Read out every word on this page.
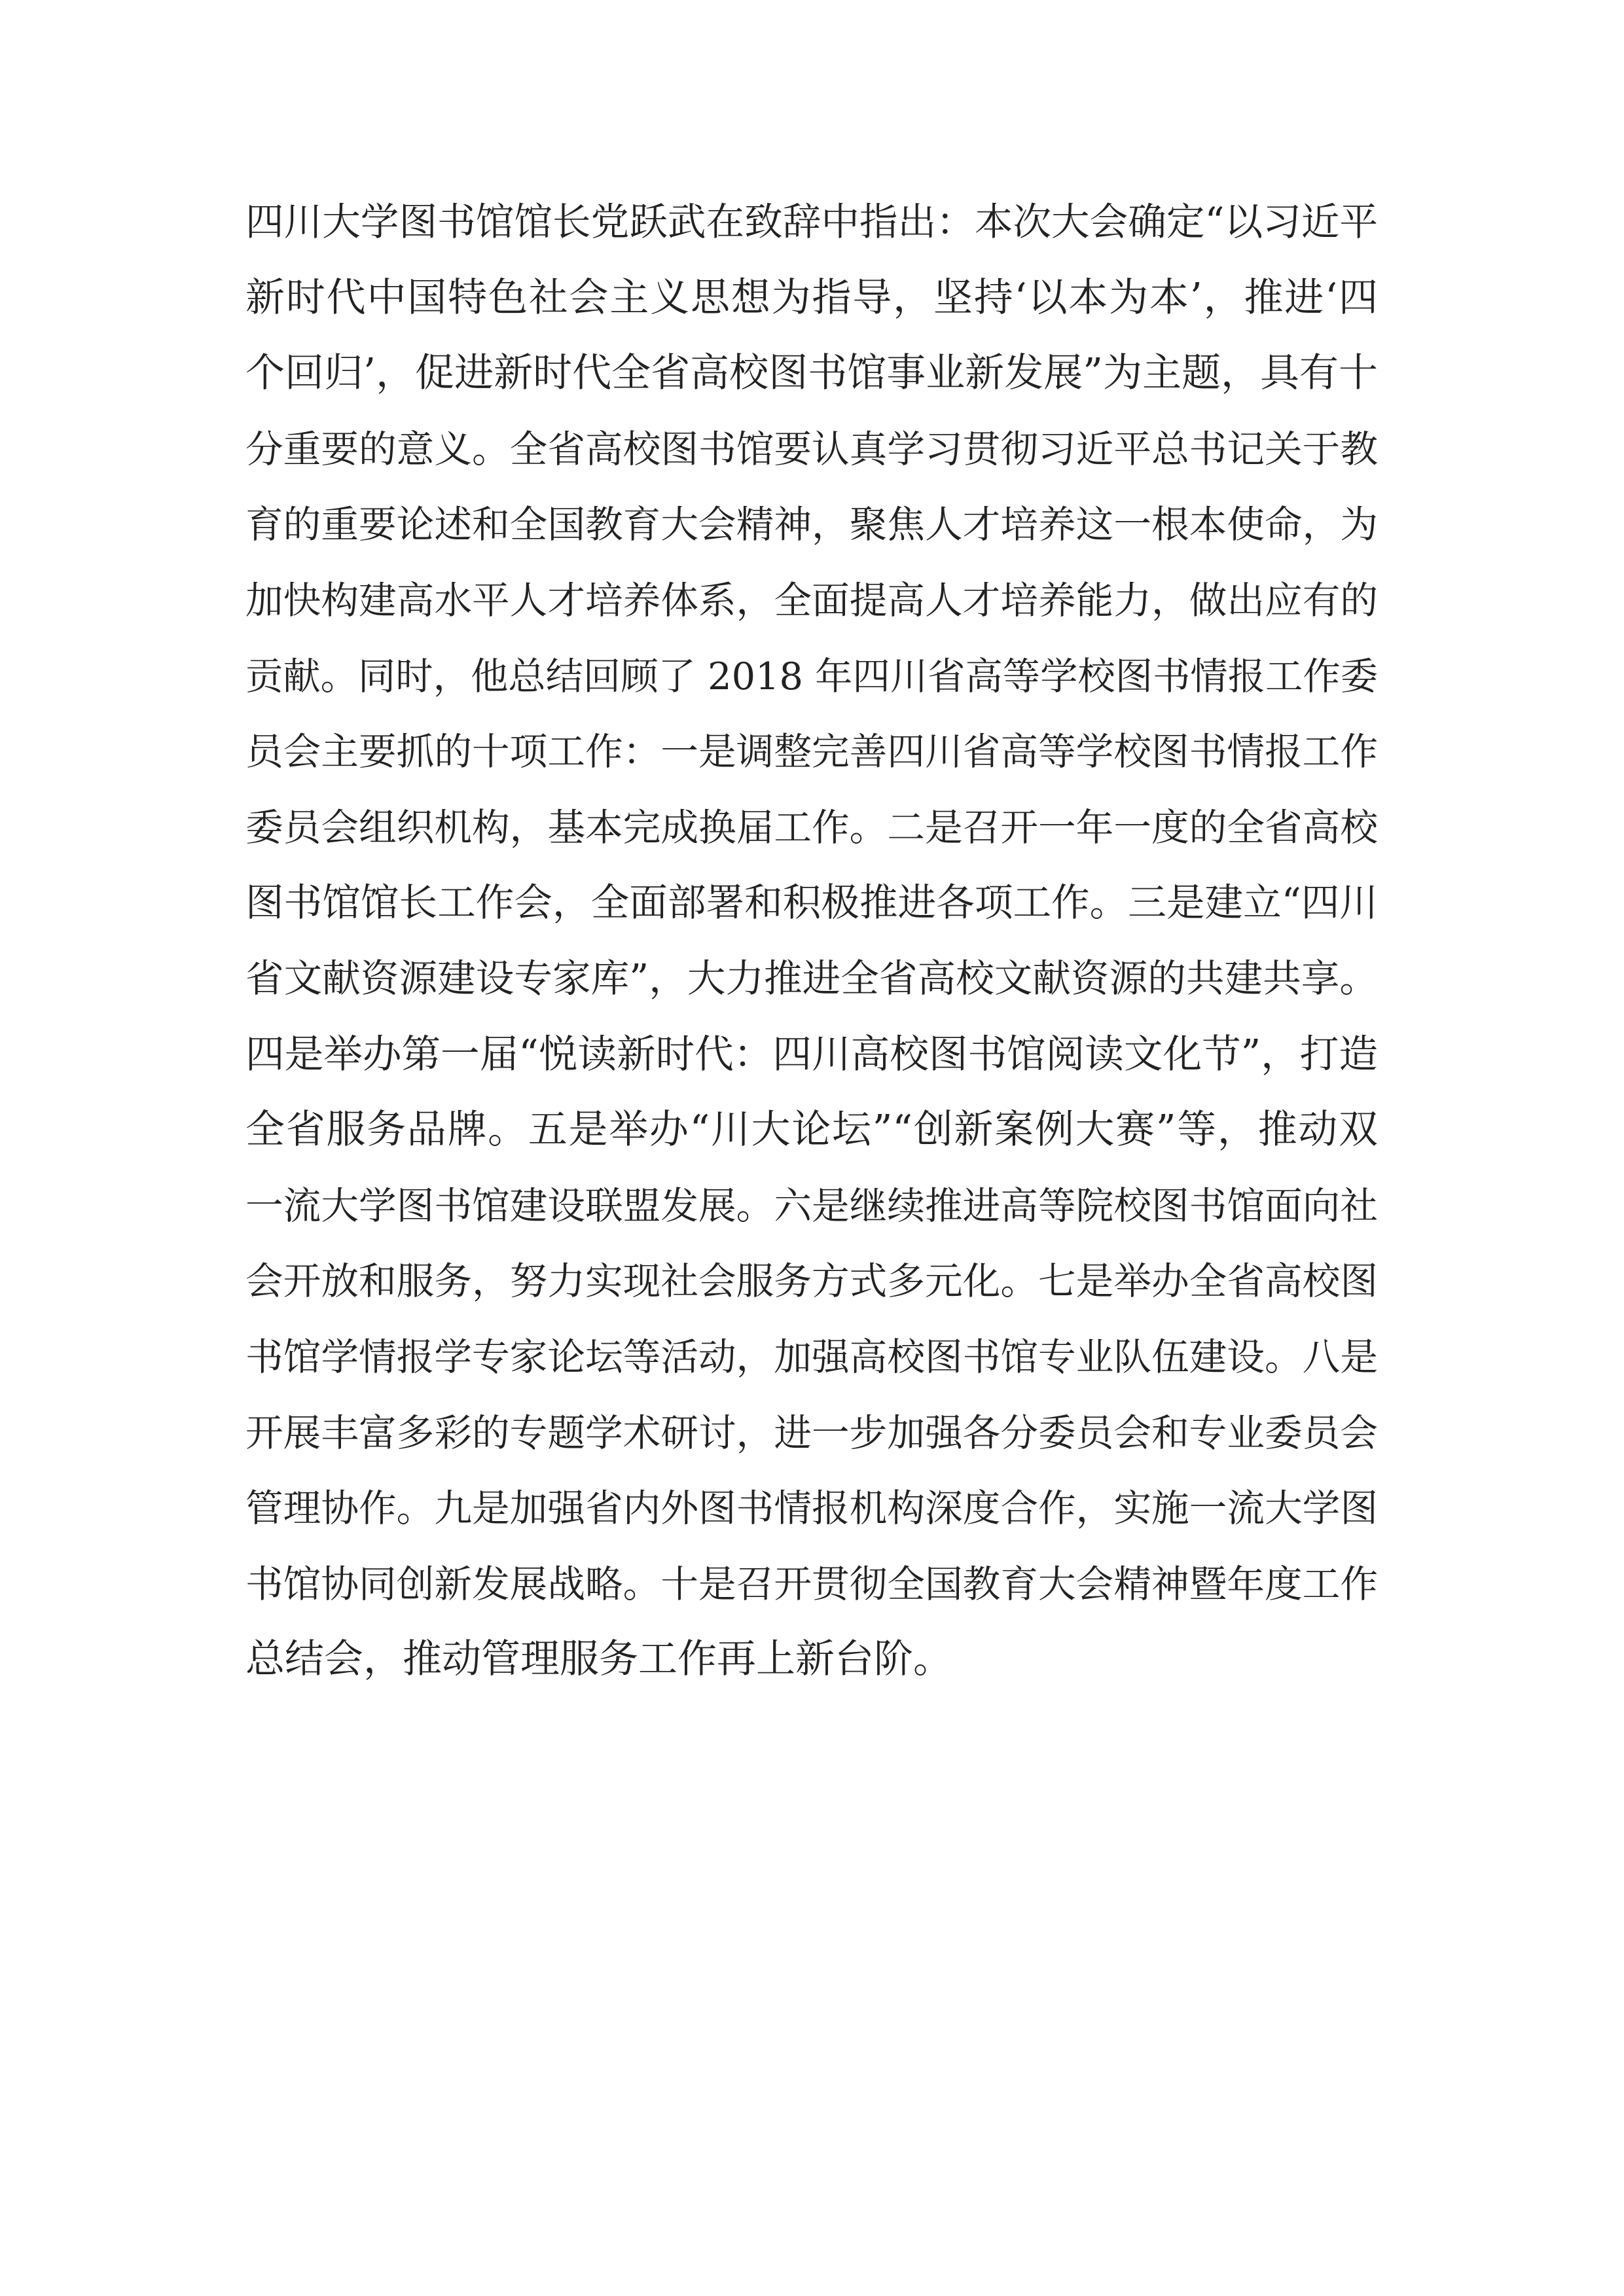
四川大学图书馆馆长党跃武在致辞中指出：本次大会确定“以习近平
新时代中国特色社会主义思想为指导，坚持‘以本为本’，推进‘四
个回归’，促进新时代全省高校图书馆事业新发展”为主题，具有十
分重要的意义。全省高校图书馆要认真学习贯彻习近平总书记关于教
育的重要论述和全国教育大会精神，聚焦人才培养这一根本使命，为
加快构建高水平人才培养体系，全面提高人才培养能力，做出应有的
贡献。同时，他总结回顾了 2018 年四川省高等学校图书情报工作委
员会主要抓的十项工作：一是调整完善四川省高等学校图书情报工作
委员会组织机构，基本完成换届工作。二是召开一年一度的全省高校
图书馆馆长工作会，全面部署和积极推进各项工作。三是建立“四川
省文献资源建设专家库”，大力推进全省高校文献资源的共建共享。
四是举办第一届“悦读新时代：四川高校图书馆阅读文化节”，打造
全省服务品牌。五是举办“川大论坛”“创新案例大赛”等，推动双
一流大学图书馆建设联盟发展。六是继续推进高等院校图书馆面向社
会开放和服务，努力实现社会服务方式多元化。七是举办全省高校图
书馆学情报学专家论坛等活动，加强高校图书馆专业队伍建设。八是
开展丰富多彩的专题学术研讨，进一步加强各分委员会和专业委员会
管理协作。九是加强省内外图书情报机构深度合作，实施一流大学图
书馆协同创新发展战略。十是召开贯彻全国教育大会精神暨年度工作
总结会，推动管理服务工作再上新台阶。
